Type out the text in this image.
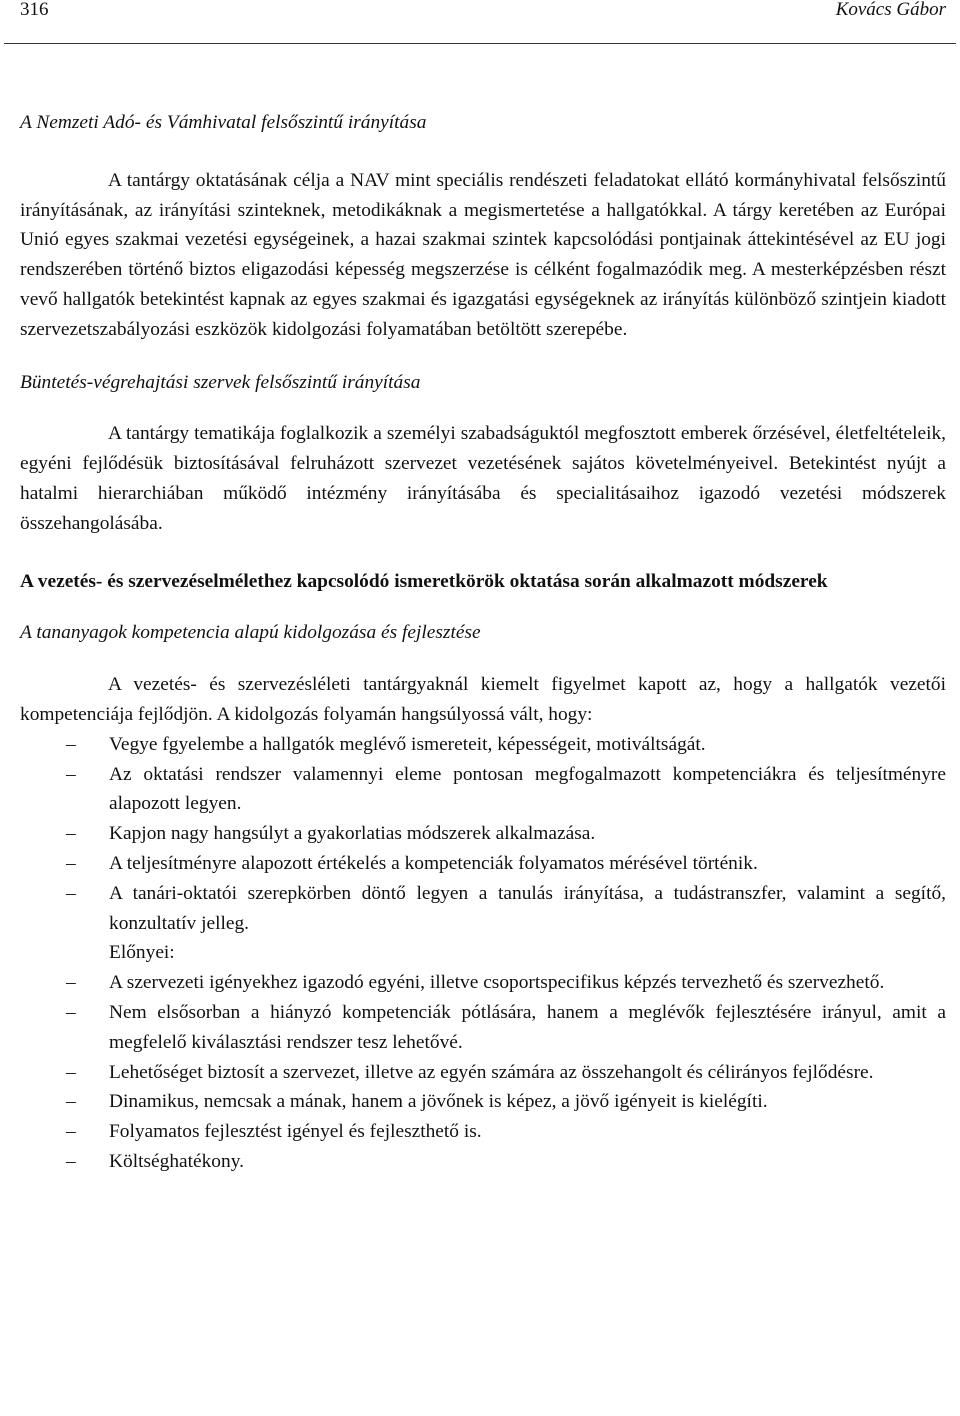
316	Kovács Gábor

A Nemzeti Adó- és Vámhivatal felsőszintű irányítása

A tantárgy oktatásának célja a NAV mint speciális rendészeti feladatokat ellátó kormányhivatal felsőszintű irányításának, az irányítási szinteknek, metodikáknak a megismertetése a hallgatókkal. A tárgy keretében az Európai Unió egyes szakmai vezetési egységeinek, a hazai szakmai szintek kapcsolódási pontjainak áttekintésével az EU jogi rendszerében történő biztos eligazodási képesség megszerzése is célként fogalmazódik meg. A mesterképzésben részt vevő hallgatók betekintést kapnak az egyes szakmai és igazgatási egységeknek az irányítás különböző szintjein kiadott szervezetszabályozási eszközök kidolgozási folyamatában betöltött szerepébe.

Büntetés-végrehajtási szervek felsőszintű irányítása

A tantárgy tematikája foglalkozik a személyi szabadságuktól megfosztott emberek őrzésével, életfeltételeik, egyéni fejlődésük biztosításával felruházott szervezet vezetésének sajátos követelményeivel. Betekintést nyújt a hatalmi hierarchiában működő intézmény irányításába és specialitásaihoz igazodó vezetési módszerek összehangolásába.

A vezetés- és szervezéselmélethez kapcsolódó ismeretkörök oktatása során alkalmazott módszerek

A tananyagok kompetencia alapú kidolgozása és fejlesztése

A vezetés- és szervezésléleti tantárgyaknál kiemelt figyelmet kapott az, hogy a hallgatók vezetői kompetenciája fejlődjön. A kidolgozás folyamán hangsúlyossá vált, hogy:

– Vegye fgyelembe a hallgatók meglévő ismereteit, képességeit, motiváltságát.
– Az oktatási rendszer valamennyi eleme pontosan megfogalmazott kompetenciákra és teljesítményre alapozott legyen.
– Kapjon nagy hangsúlyt a gyakorlatias módszerek alkalmazása.
– A teljesítményre alapozott értékelés a kompetenciák folyamatos mérésével történik.
– A tanári-oktatói szerepkörben döntő legyen a tanulás irányítása, a tudástranszfer, valamint a segítő, konzultatív jelleg.

Előnyei:

– A szervezeti igényekhez igazodó egyéni, illetve csoportspecifikus képzés tervezhető és szervezhető.
– Nem elsősorban a hiányzó kompetenciák pótlására, hanem a meglévők fejlesztésére irányul, amit a megfelelő kiválasztási rendszer tesz lehetővé.
– Lehetőséget biztosít a szervezet, illetve az egyén számára az összehangolt és célirányos fejlődésre.
– Dinamikus, nemcsak a mának, hanem a jövőnek is képez, a jövő igényeit is kielégíti.
– Folyamatos fejlesztést igényel és fejleszthető is.
– Költséghatékony.
